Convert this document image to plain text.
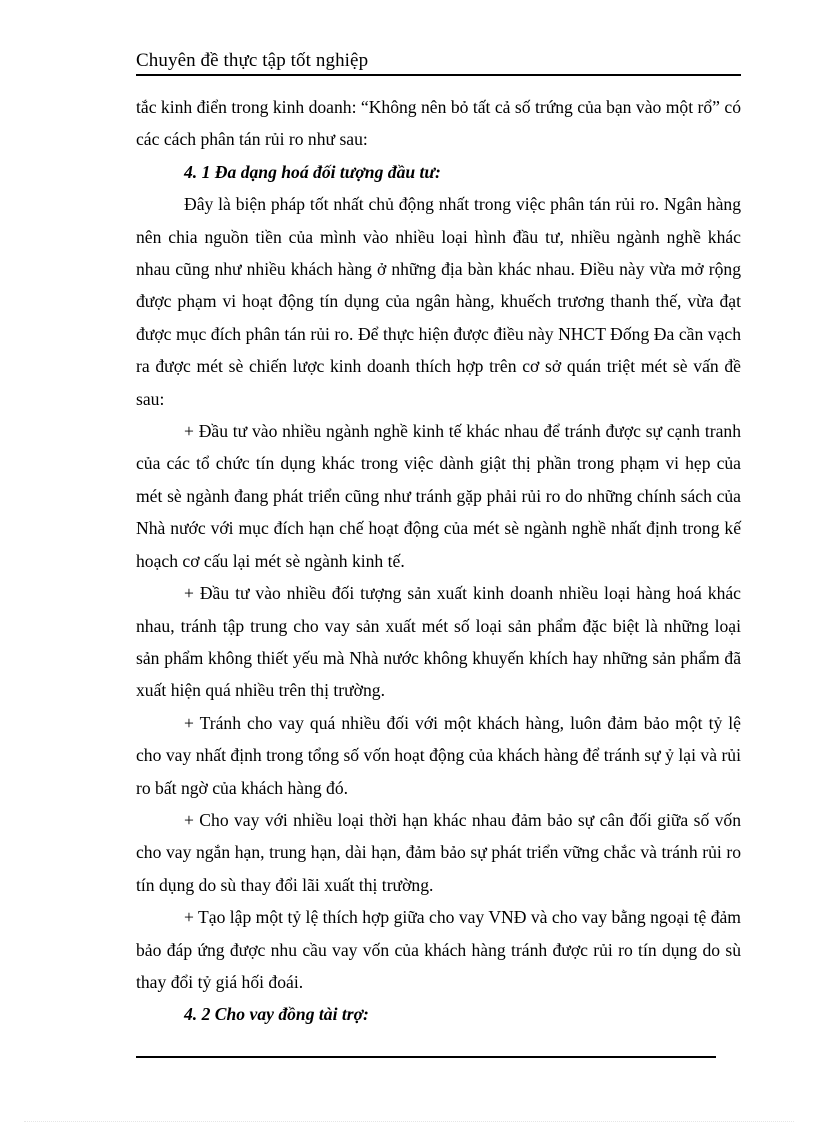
Chuyên đề thực tập tốt nghiệp

tắc kinh điển trong kinh doanh: “Không nên bỏ tất cả số trứng của bạn vào một rổ” có các cách phân tán rủi ro như sau:

4. 1 Đa dạng hoá đối tượng đầu tư:

Đây là biện pháp tốt nhất chủ động nhất trong việc phân tán rủi ro. Ngân hàng nên chia nguồn tiền của mình vào nhiều loại hình đầu tư, nhiều ngành nghề khác nhau cũng như nhiều khách hàng ở những địa bàn khác nhau. Điều này vừa mở rộng được phạm vi hoạt động tín dụng của ngân hàng, khuếch trương thanh thế, vừa đạt được mục đích phân tán rủi ro. Để thực hiện được điều này NHCT Đống Đa cần vạch ra được mét sè chiến lược kinh doanh thích hợp trên cơ sở quán triệt mét sè vấn đề sau:

+ Đầu tư vào nhiều ngành nghề kinh tế khác nhau để tránh được sự cạnh tranh của các tổ chức tín dụng khác trong việc dành giật thị phần trong phạm vi hẹp của mét sè ngành đang phát triển cũng như tránh gặp phải rủi ro do những chính sách của Nhà nước với mục đích hạn chế hoạt động của mét sè ngành nghề nhất định trong kế hoạch cơ cấu lại mét sè ngành kinh tế.

+ Đầu tư vào nhiều đối tượng sản xuất kinh doanh nhiều loại hàng hoá khác nhau, tránh tập trung cho vay sản xuất mét số loại sản phẩm đặc biệt là những loại sản phẩm không thiết yếu mà Nhà nước không khuyến khích hay những sản phẩm đã xuất hiện quá nhiều trên thị trường.

+ Tránh cho vay quá nhiều đối với một khách hàng, luôn đảm bảo một tỷ lệ cho vay nhất định trong tổng số vốn hoạt động của khách hàng để tránh sự ỷ lại và rủi ro bất ngờ của khách hàng đó.

+ Cho vay với nhiều loại thời hạn khác nhau đảm bảo sự cân đối giữa số vốn cho vay ngắn hạn, trung hạn, dài hạn, đảm bảo sự phát triển vững chắc và tránh rủi ro tín dụng do sù thay đổi lãi xuất thị trường.

+ Tạo lập một tỷ lệ thích hợp giữa cho vay VNĐ và cho vay bằng ngoại tệ đảm bảo đáp ứng được nhu cầu vay vốn của khách hàng tránh được rủi ro tín dụng do sù thay đổi tỷ giá hối đoái.

4. 2 Cho vay đồng tài trợ:
